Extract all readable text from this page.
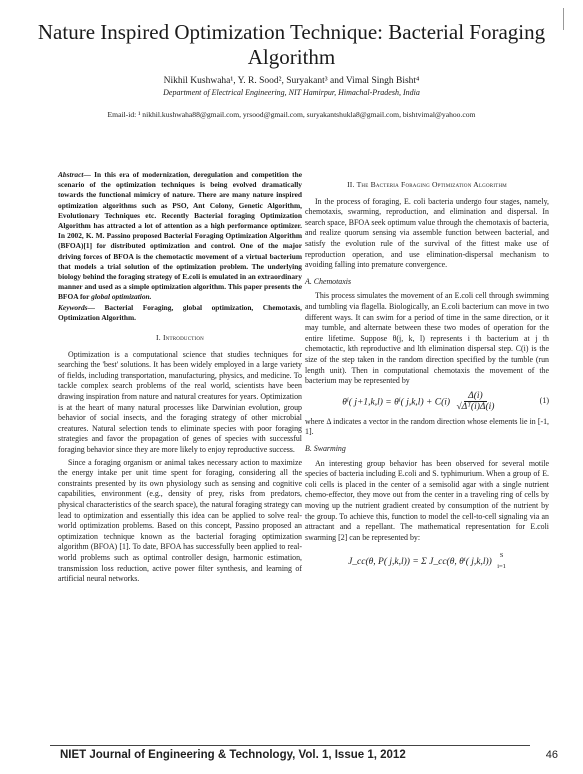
Nature Inspired Optimization Technique: Bacterial Foraging Algorithm
Nikhil Kushwaha¹, Y. R. Sood², Suryakant³ and Vimal Singh Bisht⁴
Department of Electrical Engineering, NIT Hamirpur, Himachal-Pradesh, India
Email-id: ¹ nikhil.kushwaha88@gmail.com, yrsood@gmail.com, suryakantshukla8@gmail.com, bishtvimal@yahoo.com

Abstract— In this era of modernization, deregulation and competition the scenario of the optimization techniques is being evolved dramatically towards the functional mimicry of nature. There are many nature inspired optimization algorithms such as PSO, Ant Colony, Genetic Algorithm, Evolutionary Techniques etc. Recently Bacterial foraging Optimization Algorithm has attracted a lot of attention as a high performance optimizer. In 2002, K. M. Passino proposed Bacterial Foraging Optimization Algorithm (BFOA)[1] for distributed optimization and control. One of the major driving forces of BFOA is the chemotactic movement of a virtual bacterium that models a trial solution of the optimization problem. The underlying biology behind the foraging strategy of E.coli is emulated in an extraordinary manner and used as a simple optimization algorithm. This paper presents the BFOA for global optimization.

Keywords— Bacterial Foraging, global optimization, Chemotaxis, Optimization Algorithm.

I. Introduction

Optimization is a computational science that studies techniques for searching the 'best' solutions. It has been widely employed in a large variety of fields, including transportation, manufacturing, physics, and medicine. To tackle complex search problems of the real world, scientists have been drawing inspiration from nature and natural creatures for years. Optimization is at the heart of many natural processes like Darwinian evolution, group behavior of social insects, and the foraging strategy of other microbial creatures. Natural selection tends to eliminate species with poor foraging strategies and favor the propagation of genes of species with successful foraging behavior since they are more likely to enjoy reproductive success.

Since a foraging organism or animal takes necessary action to maximize the energy intake per unit time spent for foraging, considering all the constraints presented by its own physiology such as sensing and cognitive capabilities, environment (e.g., density of prey, risks from predators, physical characteristics of the search space), the natural foraging strategy can lead to optimization and essentially this idea can be applied to solve real-world optimization problems. Based on this concept, Passino proposed an optimization technique known as the bacterial foraging optimization algorithm (BFOA) [1]. To date, BFOA has successfully been applied to real-world problems such as optimal controller design, harmonic estimation, transmission loss reduction, active power filter synthesis, and learning of artificial neural networks.

II. The Bacteria Foraging Optimization Algorithm

In the process of foraging, E. coli bacteria undergo four stages, namely, chemotaxis, swarming, reproduction, and elimination and dispersal. In search space, BFOA seek optimum value through the chemotaxis of bacteria, and realize quorum sensing via assemble function between bacterial, and satisfy the evolution rule of the survival of the fittest make use of reproduction operation, and use elimination-dispersal mechanism to avoiding falling into premature convergence.

A. Chemotaxis

This process simulates the movement of an E.coli cell through swimming and tumbling via flagella. Biologically, an E.coli bacterium can move in two different ways. It can swim for a period of time in the same direction, or it may tumble, and alternate between these two modes of operation for the entire lifetime. Suppose θ(j, k, l) represents i th bacterium at j th chemotactic, kth reproductive and lth elimination dispersal step. C(i) is the size of the step taken in the random direction specified by the tumble (run length unit). Then in computational chemotaxis the movement of the bacterium may be represented by

θⁱ( j+1,k,l) = θⁱ( $j,k,l) + C(i) \frac{\Delta(i)}{\text{√Δᵀ(i)Δ(i)}}$	(1)

where Δ indicates a vector in the random direction whose elements lie in [-1, 1].

B. Swarming

An interesting group behavior has been observed for several motile species of bacteria including E.coli and S. typhimurium. When a group of E. coli cells is placed in the center of a semisolid agar with a single nutrient chemo-effector, they move out from the center in a traveling ring of cells by moving up the nutrient gradient created by consumption of the nutrient by the group. To achieve this, function to model the cell-to-cell signaling via an attractant and a repellant. The mathematical representation for E.coli swarming [2] can be represented by:

J_cc(θ, P( j,k,l)) = Σ J_cc(θ, θⁱ( j,k,l))
S
i=1
NIET Journal of Engineering & Technology, Vol. 1, Issue 1, 2012	46
